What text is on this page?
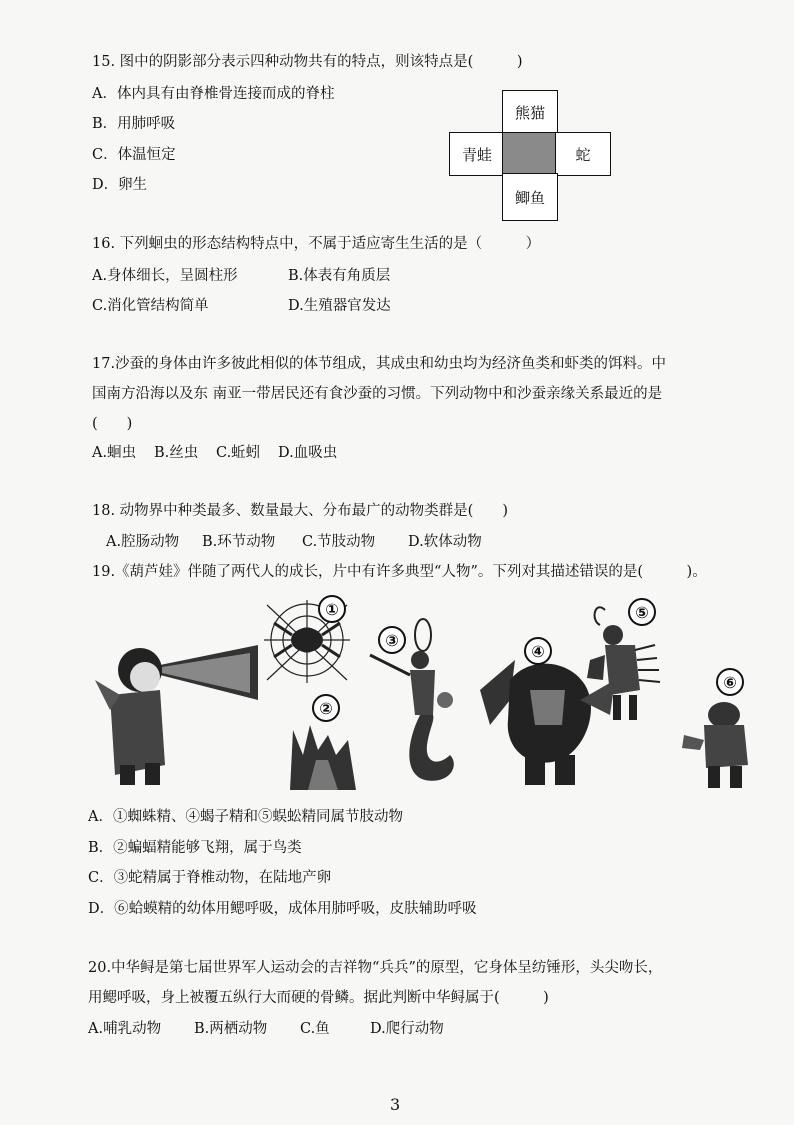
15. 图中的阴影部分表示四种动物共有的特点，则该特点是(　　　)
A．体内具有由脊椎骨连接而成的脊柱
B．用肺呼吸
C．体温恒定
D．卵生
熊猫
青蛙	蛇
鲫鱼
16. 下列蛔虫的形态结构特点中，不属于适应寄生生活的是（　　　）
A.身体细长，呈圆柱形	B.体表有角质层
C.消化管结构简单	D.生殖器官发达
17.沙蚕的身体由许多彼此相似的体节组成，其成虫和幼虫均为经济鱼类和虾类的饵料。中
国南方沿海以及东 南亚一带居民还有食沙蚕的习惯。下列动物中和沙蚕亲缘关系最近的是
(　　)
A.蛔虫	B.丝虫	C.蚯蚓	D.血吸虫
18. 动物界中种类最多、数量最大、分布最广的动物类群是(　　)
A.腔肠动物	B.环节动物	C.节肢动物	D.软体动物
19.《葫芦娃》伴随了两代人的成长，片中有许多典型“人物”。下列对其描述错误的是(　　　)。
①
②
③
④
⑤
⑥
A．①蜘蛛精、④蝎子精和⑤蜈蚣精同属节肢动物
B．②蝙蝠精能够飞翔，属于鸟类
C．③蛇精属于脊椎动物，在陆地产卵
D．⑥蛤蟆精的幼体用鳃呼吸，成体用肺呼吸，皮肤辅助呼吸
20.中华鲟是第七届世界军人运动会的吉祥物“兵兵”的原型，它身体呈纺锤形，头尖吻长，
用鳃呼吸，身上被覆五纵行大而硬的骨鳞。据此判断中华鲟属于(　　　)
A.哺乳动物	B.两栖动物	C.鱼	D.爬行动物
3
